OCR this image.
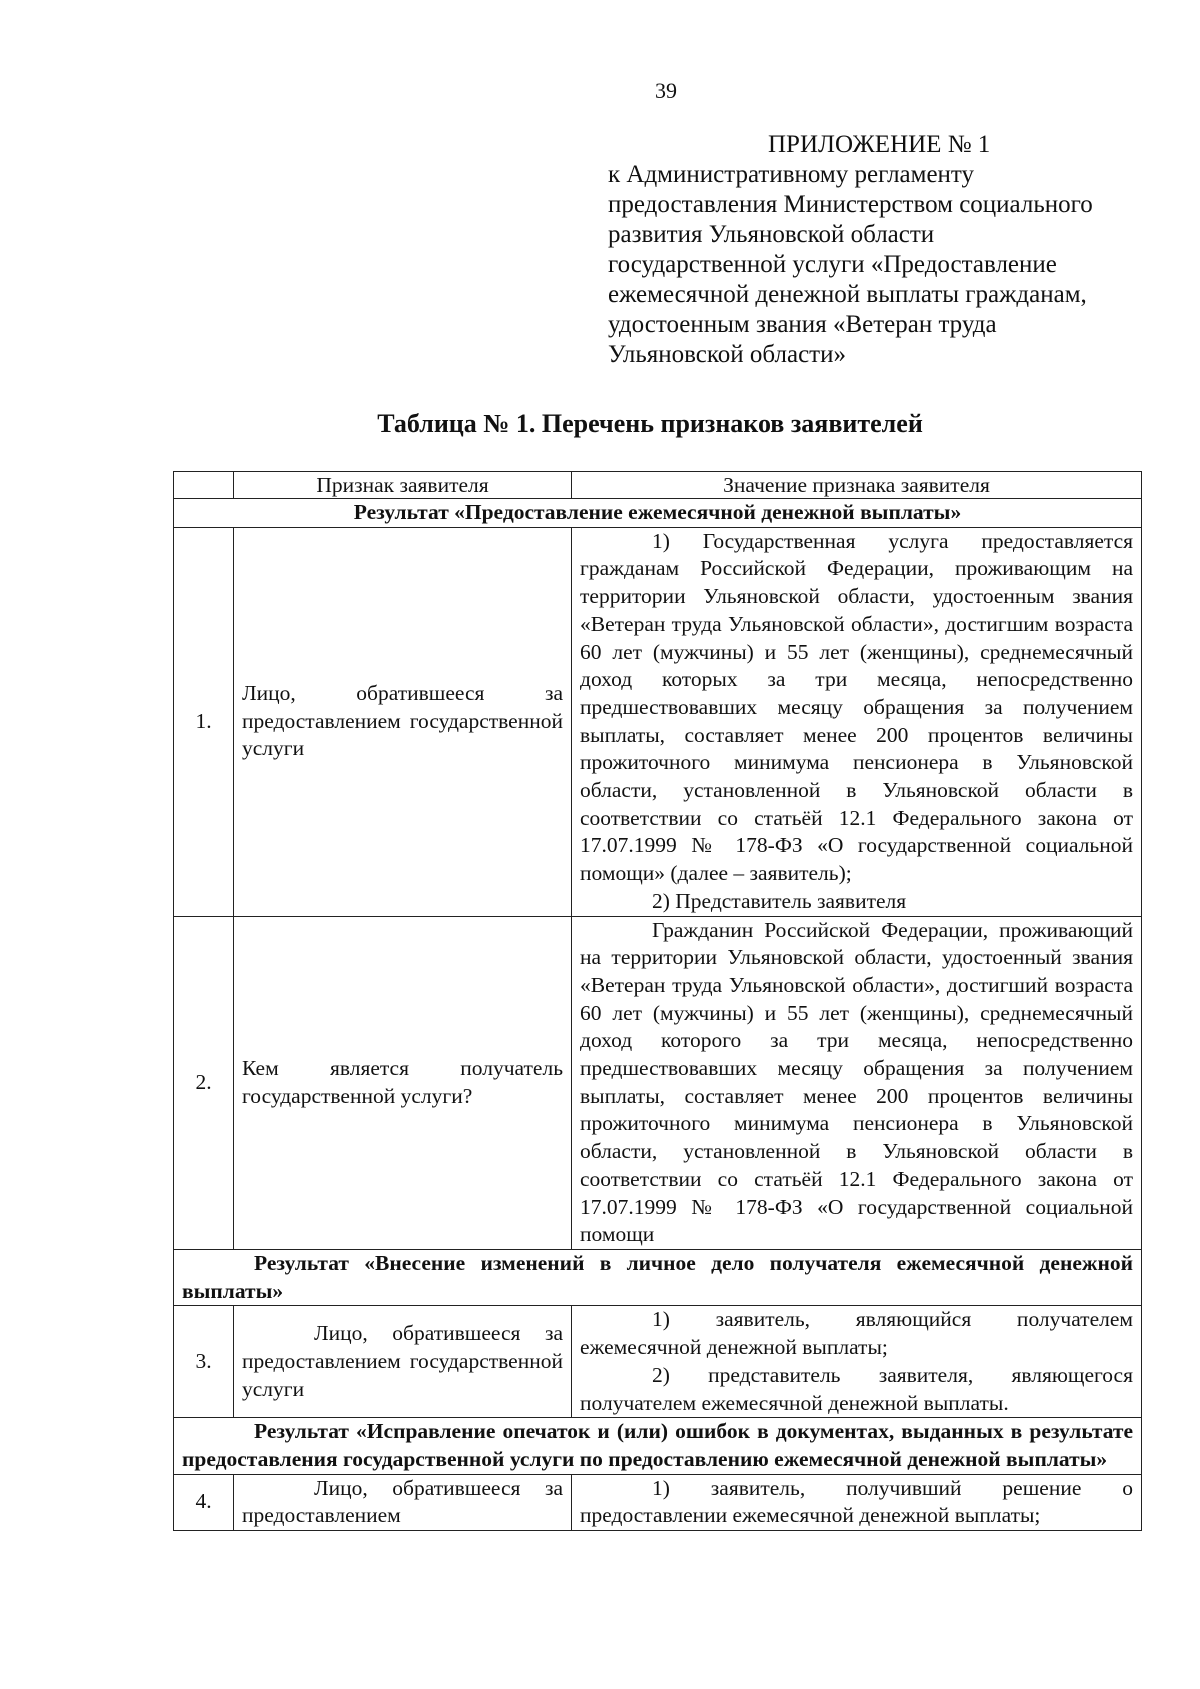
39
ПРИЛОЖЕНИЕ № 1
к Административному регламенту
предоставления Министерством социального
развития Ульяновской области
государственной услуги «Предоставление
ежемесячной денежной выплаты гражданам,
удостоенным звания «Ветеран труда
Ульяновской области»
Таблица № 1. Перечень признаков заявителей
	Признак заявителя	Значение признака заявителя
Результат «Предоставление ежемесячной денежной выплаты»		
1.	Лицо, обратившееся за предоставлением государственной услуги	1) Государственная услуга предоставляется гражданам Российской Федерации, проживающим на территории Ульяновской области, удостоенным звания «Ветеран труда Ульяновской области», достигшим возраста 60 лет (мужчины) и 55 лет (женщины), среднемесячный доход которых за три месяца, непосредственно предшествовавших месяцу обращения за получением выплаты, составляет менее 200 процентов величины прожиточного минимума пенсионера в Ульяновской области, установленной в Ульяновской области в соответствии со статьёй 12.1 Федерального закона от 17.07.1999 № 178-ФЗ «О государственной социальной помощи» (далее – заявитель);
2) Представитель заявителя

2.	Кем является получатель государственной услуги?	Гражданин Российской Федерации, проживающий на территории Ульяновской области, удостоенный звания «Ветеран труда Ульяновской области», достигший возраста 60 лет (мужчины) и 55 лет (женщины), среднемесячный доход которого за три месяца, непосредственно предшествовавших месяцу обращения за получением выплаты, составляет менее 200 процентов величины прожиточного минимума пенсионера в Ульяновской области, установленной в Ульяновской области в соответствии со статьёй 12.1 Федерального закона от 17.07.1999 № 178-ФЗ «О государственной социальной помощи

Результат «Внесение изменений в личное дело получателя ежемесячной денежной выплаты»		
3.	Лицо, обратившееся за предоставлением государственной услуги	1) заявитель, являющийся получателем ежемесячной денежной выплаты;
2) представитель заявителя, являющегося получателем ежемесячной денежной выплаты.

Результат «Исправление опечаток и (или) ошибок в документах, выданных в результате предоставления государственной услуги по предоставлению ежемесячной денежной выплаты»		
4.	Лицо, обратившееся за предоставлением	1) заявитель, получивший решение о предоставлении ежемесячной денежной выплаты;
